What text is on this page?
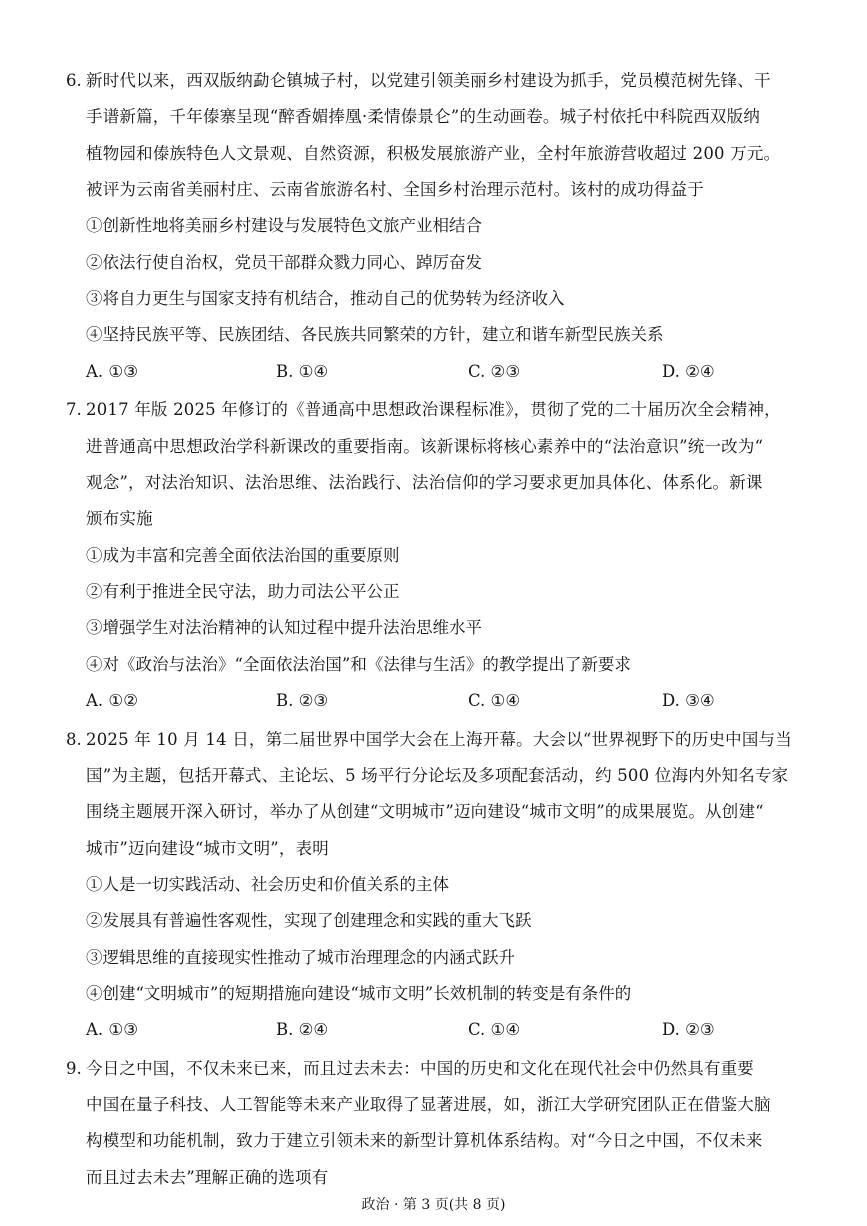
6. 新时代以来，西双版纳勐仑镇城子村，以党建引领美丽乡村建设为抓手，党员模范树先锋、干
手谱新篇，千年傣寨呈现“醉香媚捧凰·柔情傣景仑”的生动画卷。城子村依托中科院西双版纳
植物园和傣族特色人文景观、自然资源，积极发展旅游产业，全村年旅游营收超过 200 万元。
被评为云南省美丽村庄、云南省旅游名村、全国乡村治理示范村。该村的成功得益于
①创新性地将美丽乡村建设与发展特色文旅产业相结合
②依法行使自治权，党员干部群众戮力同心、踔厉奋发
③将自力更生与国家支持有机结合，推动自己的优势转为经济收入
④坚持民族平等、民族团结、各民族共同繁荣的方针，建立和谐车新型民族关系
A. ①③	B. ①④	C. ②③	D. ②④
7. 2017 年版 2025 年修订的《普通高中思想政治课程标准》，贯彻了党的二十届历次全会精神，
进普通高中思想政治学科新课改的重要指南。该新课标将核心素养中的“法治意识”统一改为“
观念”，对法治知识、法治思维、法治践行、法治信仰的学习要求更加具体化、体系化。新课
颁布实施
①成为丰富和完善全面依法治国的重要原则
②有利于推进全民守法，助力司法公平公正
③增强学生对法治精神的认知过程中提升法治思维水平
④对《政治与法治》“全面依法治国”和《法律与生活》的教学提出了新要求
A. ①②	B. ②③	C. ①④	D. ③④
8. 2025 年 10 月 14 日，第二届世界中国学大会在上海开幕。大会以“世界视野下的历史中国与当
国”为主题，包括开幕式、主论坛、5 场平行分论坛及多项配套活动，约 500 位海内外知名专家
围绕主题展开深入研讨，举办了从创建“文明城市”迈向建设“城市文明”的成果展览。从创建“
城市”迈向建设“城市文明”，表明
①人是一切实践活动、社会历史和价值关系的主体
②发展具有普遍性客观性，实现了创建理念和实践的重大飞跃
③逻辑思维的直接现实性推动了城市治理理念的内涵式跃升
④创建“文明城市”的短期措施向建设“城市文明”长效机制的转变是有条件的
A. ①③	B. ②④	C. ①④	D. ②③
9. 今日之中国，不仅未来已来，而且过去未去：中国的历史和文化在现代社会中仍然具有重要
中国在量子科技、人工智能等未来产业取得了显著进展，如，浙江大学研究团队正在借鉴大脑
构模型和功能机制，致力于建立引领未来的新型计算机体系结构。对“今日之中国，不仅未来
而且过去未去”理解正确的选项有
政治 · 第 3 页(共 8 页)
